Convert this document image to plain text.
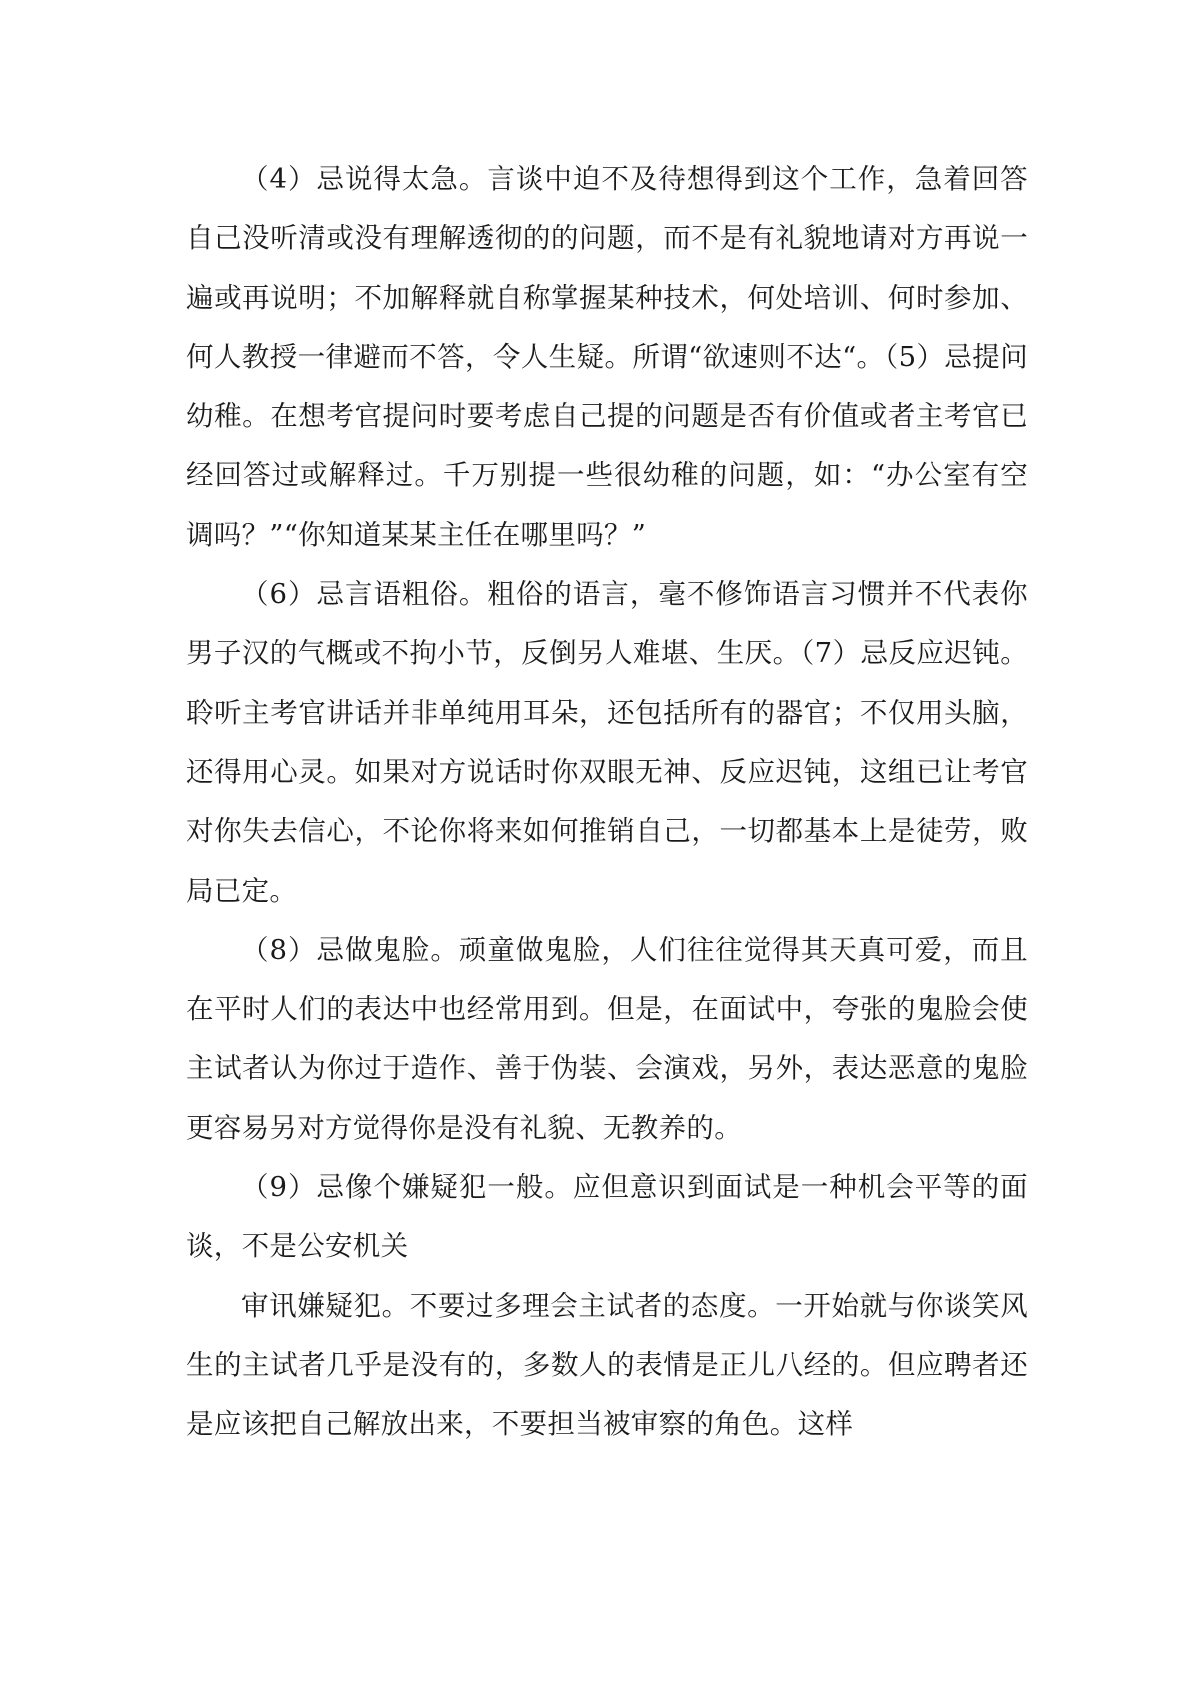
（4）忌说得太急。言谈中迫不及待想得到这个工作，急着回答自己没听清或没有理解透彻的的问题，而不是有礼貌地请对方再说一遍或再说明；不加解释就自称掌握某种技术，何处培训、何时参加、何人教授一律避而不答，令人生疑。所谓“欲速则不达“。（5）忌提问幼稚。在想考官提问时要考虑自己提的问题是否有价值或者主考官已经回答过或解释过。千万别提一些很幼稚的问题，如：“办公室有空调吗？”“你知道某某主任在哪里吗？”

（6）忌言语粗俗。粗俗的语言，毫不修饰语言习惯并不代表你男子汉的气概或不拘小节，反倒另人难堪、生厌。（7）忌反应迟钝。聆听主考官讲话并非单纯用耳朵，还包括所有的器官；不仅用头脑，还得用心灵。如果对方说话时你双眼无神、反应迟钝，这组已让考官对你失去信心，不论你将来如何推销自己，一切都基本上是徒劳，败局已定。

（8）忌做鬼脸。顽童做鬼脸，人们往往觉得其天真可爱，而且在平时人们的表达中也经常用到。但是，在面试中，夸张的鬼脸会使主试者认为你过于造作、善于伪装、会演戏，另外，表达恶意的鬼脸更容易另对方觉得你是没有礼貌、无教养的。

（9）忌像个嫌疑犯一般。应但意识到面试是一种机会平等的面谈，不是公安机关

审讯嫌疑犯。不要过多理会主试者的态度。一开始就与你谈笑风生的主试者几乎是没有的，多数人的表情是正儿八经的。但应聘者还是应该把自己解放出来，不要担当被审察的角色。这样
